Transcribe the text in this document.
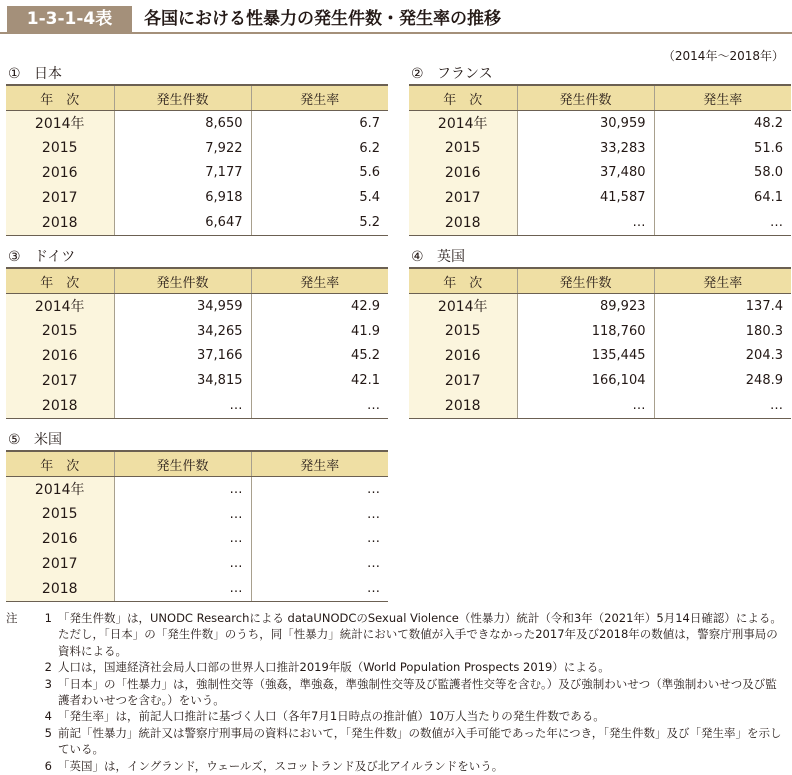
1-3-1-4表	各国における性暴力の発生件数・発生率の推移
（2014年～2018年）
① 日本
年　次	発生件数	発生率
2014年	8,650	6.7
2015	7,922	6.2
2016	7,177	5.6
2017	6,918	5.4
2018	6,647	5.2
② フランス
年　次	発生件数	発生率
2014年	30,959	48.2
2015	33,283	51.6
2016	37,480	58.0
2017	41,587	64.1
2018	…	…
③ ドイツ
年　次	発生件数	発生率
2014年	34,959	42.9
2015	34,265	41.9
2016	37,166	45.2
2017	34,815	42.1
2018	…	…
④ 英国
年　次	発生件数	発生率
2014年	89,923	137.4
2015	118,760	180.3
2016	135,445	204.3
2017	166,104	248.9
2018	…	…
⑤ 米国
年　次	発生件数	発生率
2014年	…	…
2015	…	…
2016	…	…
2017	…	…
2018	…	…
注	1 「発生件数」は，UNODC Researchによる dataUNODCのSexual Violence（性暴力）統計（令和3年（2021年）5月14日確認）による。ただし，「日本」の「発生件数」のうち，同「性暴力」統計において数値が入手できなかった2017年及び2018年の数値は，警察庁刑事局の資料による。
2 人口は，国連経済社会局人口部の世界人口推計2019年版（World Population Prospects 2019）による。
3 「日本」の「性暴力」は，強制性交等（強姦，準強姦，準強制性交等及び監護者性交等を含む。）及び強制わいせつ（準強制わいせつ及び監護者わいせつを含む。）をいう。
4 「発生率」は，前記人口推計に基づく人口（各年7月1日時点の推計値）10万人当たりの発生件数である。
5 前記「性暴力」統計又は警察庁刑事局の資料において，「発生件数」の数値が入手可能であった年につき，「発生件数」及び「発生率」を示している。
6 「英国」は，イングランド，ウェールズ，スコットランド及び北アイルランドをいう。
